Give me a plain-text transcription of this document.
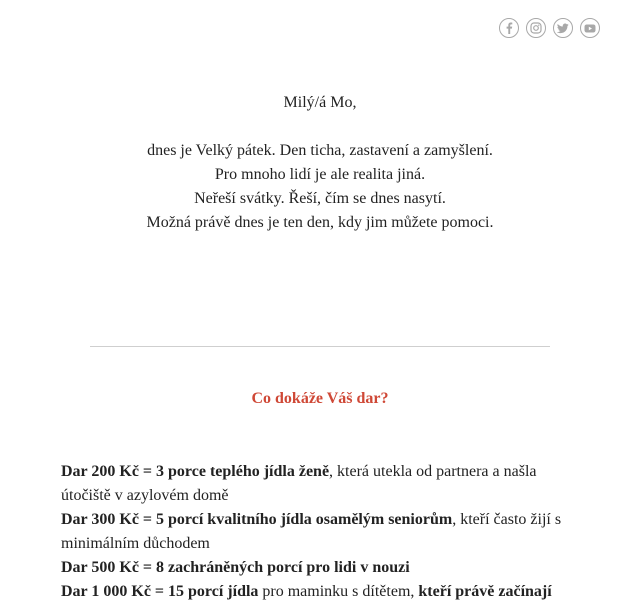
Milý/á Mo,
dnes je Velký pátek. Den ticha, zastavení a zamyšlení.
Pro mnoho lidí je ale realita jiná.
Neřeší svátky. Řeší, čím se dnes nasytí.
Možná právě dnes je ten den, kdy jim můžete pomoci.
Co dokáže Váš dar?

Dar 200 Kč = 3 porce teplého jídla ženě, která utekla od partnera a našla útočiště v azylovém domě

Dar 300 Kč = 5 porcí kvalitního jídla osamělým seniorům, kteří často žijí s minimálním důchodem

Dar 500 Kč = 8 zachráněných porcí pro lidi v nouzi

Dar 1 000 Kč = 15 porcí jídla pro maminku s dítětem, kteří právě začínají
